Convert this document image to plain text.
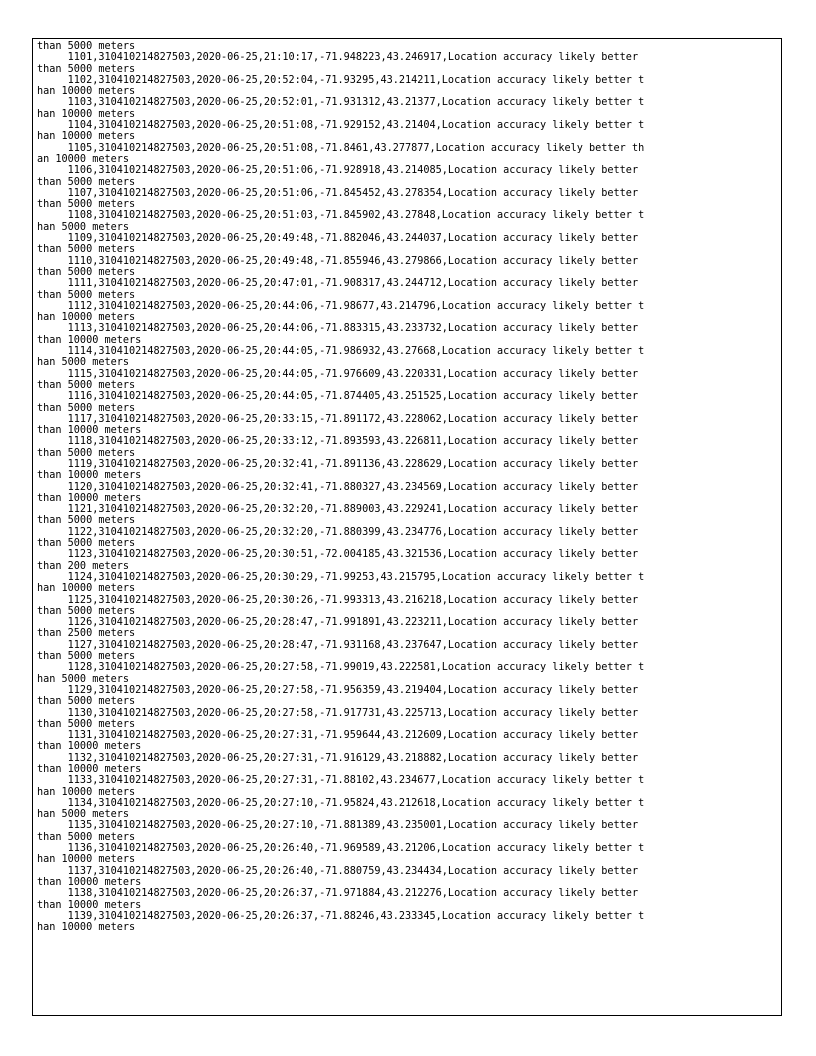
than 5000 meters
1101,310410214827503,2020-06-25,21:10:17,-71.948223,43.246917,Location accuracy likely better
than 5000 meters
1102,310410214827503,2020-06-25,20:52:04,-71.93295,43.214211,Location accuracy likely better t
han 10000 meters
1103,310410214827503,2020-06-25,20:52:01,-71.931312,43.21377,Location accuracy likely better t
han 10000 meters
1104,310410214827503,2020-06-25,20:51:08,-71.929152,43.21404,Location accuracy likely better t
han 10000 meters
1105,310410214827503,2020-06-25,20:51:08,-71.8461,43.277877,Location accuracy likely better th
an 10000 meters
1106,310410214827503,2020-06-25,20:51:06,-71.928918,43.214085,Location accuracy likely better
than 5000 meters
1107,310410214827503,2020-06-25,20:51:06,-71.845452,43.278354,Location accuracy likely better
than 5000 meters
1108,310410214827503,2020-06-25,20:51:03,-71.845902,43.27848,Location accuracy likely better t
han 5000 meters
1109,310410214827503,2020-06-25,20:49:48,-71.882046,43.244037,Location accuracy likely better
than 5000 meters
1110,310410214827503,2020-06-25,20:49:48,-71.855946,43.279866,Location accuracy likely better
than 5000 meters
1111,310410214827503,2020-06-25,20:47:01,-71.908317,43.244712,Location accuracy likely better
than 5000 meters
1112,310410214827503,2020-06-25,20:44:06,-71.98677,43.214796,Location accuracy likely better t
han 10000 meters
1113,310410214827503,2020-06-25,20:44:06,-71.883315,43.233732,Location accuracy likely better
than 10000 meters
1114,310410214827503,2020-06-25,20:44:05,-71.986932,43.27668,Location accuracy likely better t
han 5000 meters
1115,310410214827503,2020-06-25,20:44:05,-71.976609,43.220331,Location accuracy likely better
than 5000 meters
1116,310410214827503,2020-06-25,20:44:05,-71.874405,43.251525,Location accuracy likely better
than 5000 meters
1117,310410214827503,2020-06-25,20:33:15,-71.891172,43.228062,Location accuracy likely better
than 10000 meters
1118,310410214827503,2020-06-25,20:33:12,-71.893593,43.226811,Location accuracy likely better
than 5000 meters
1119,310410214827503,2020-06-25,20:32:41,-71.891136,43.228629,Location accuracy likely better
than 10000 meters
1120,310410214827503,2020-06-25,20:32:41,-71.880327,43.234569,Location accuracy likely better
than 10000 meters
1121,310410214827503,2020-06-25,20:32:20,-71.889003,43.229241,Location accuracy likely better
than 5000 meters
1122,310410214827503,2020-06-25,20:32:20,-71.880399,43.234776,Location accuracy likely better
than 5000 meters
1123,310410214827503,2020-06-25,20:30:51,-72.004185,43.321536,Location accuracy likely better
than 200 meters
1124,310410214827503,2020-06-25,20:30:29,-71.99253,43.215795,Location accuracy likely better t
han 10000 meters
1125,310410214827503,2020-06-25,20:30:26,-71.993313,43.216218,Location accuracy likely better
than 5000 meters
1126,310410214827503,2020-06-25,20:28:47,-71.991891,43.223211,Location accuracy likely better
than 2500 meters
1127,310410214827503,2020-06-25,20:28:47,-71.931168,43.237647,Location accuracy likely better
than 5000 meters
1128,310410214827503,2020-06-25,20:27:58,-71.99019,43.222581,Location accuracy likely better t
han 5000 meters
1129,310410214827503,2020-06-25,20:27:58,-71.956359,43.219404,Location accuracy likely better
than 5000 meters
1130,310410214827503,2020-06-25,20:27:58,-71.917731,43.225713,Location accuracy likely better
than 5000 meters
1131,310410214827503,2020-06-25,20:27:31,-71.959644,43.212609,Location accuracy likely better
than 10000 meters
1132,310410214827503,2020-06-25,20:27:31,-71.916129,43.218882,Location accuracy likely better
than 10000 meters
1133,310410214827503,2020-06-25,20:27:31,-71.88102,43.234677,Location accuracy likely better t
han 10000 meters
1134,310410214827503,2020-06-25,20:27:10,-71.95824,43.212618,Location accuracy likely better t
han 5000 meters
1135,310410214827503,2020-06-25,20:27:10,-71.881389,43.235001,Location accuracy likely better
than 5000 meters
1136,310410214827503,2020-06-25,20:26:40,-71.969589,43.21206,Location accuracy likely better t
han 10000 meters
1137,310410214827503,2020-06-25,20:26:40,-71.880759,43.234434,Location accuracy likely better
than 10000 meters
1138,310410214827503,2020-06-25,20:26:37,-71.971884,43.212276,Location accuracy likely better
than 10000 meters
1139,310410214827503,2020-06-25,20:26:37,-71.88246,43.233345,Location accuracy likely better t
han 10000 meters
